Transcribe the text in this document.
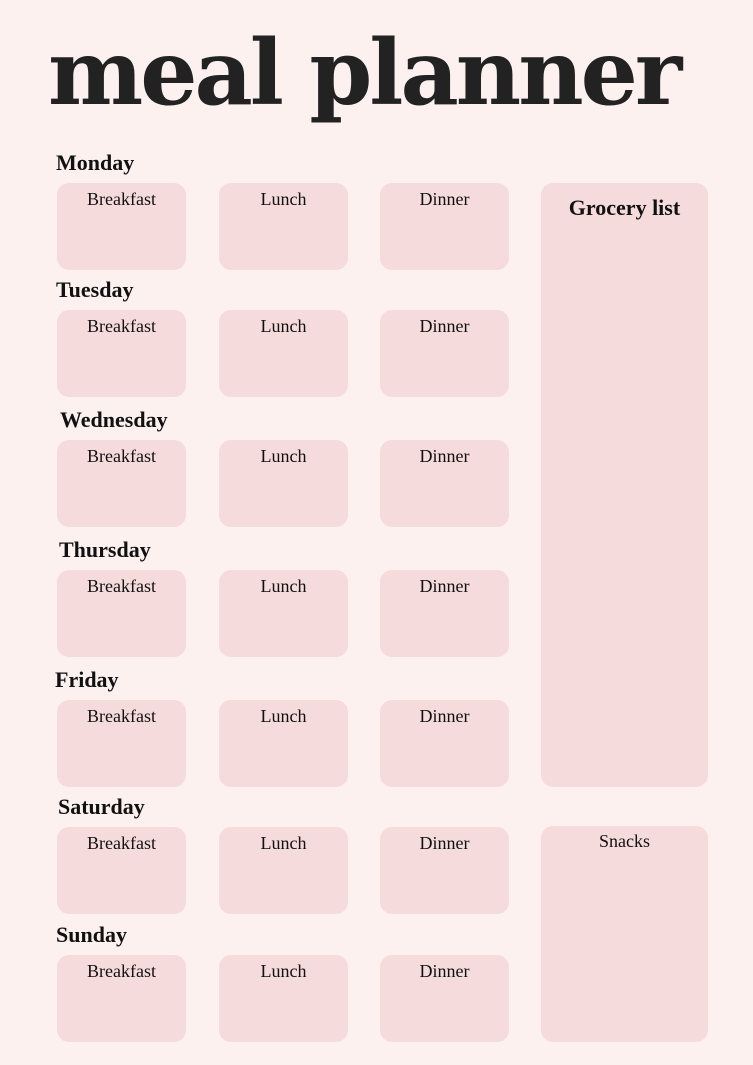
meal planner
Monday
Breakfast	Lunch	Dinner
Tuesday
Breakfast	Lunch	Dinner
Wednesday
Breakfast	Lunch	Dinner
Thursday
Breakfast	Lunch	Dinner
Friday
Breakfast	Lunch	Dinner
Saturday
Breakfast	Lunch	Dinner
Sunday
Breakfast	Lunch	Dinner
Grocery list
Snacks
